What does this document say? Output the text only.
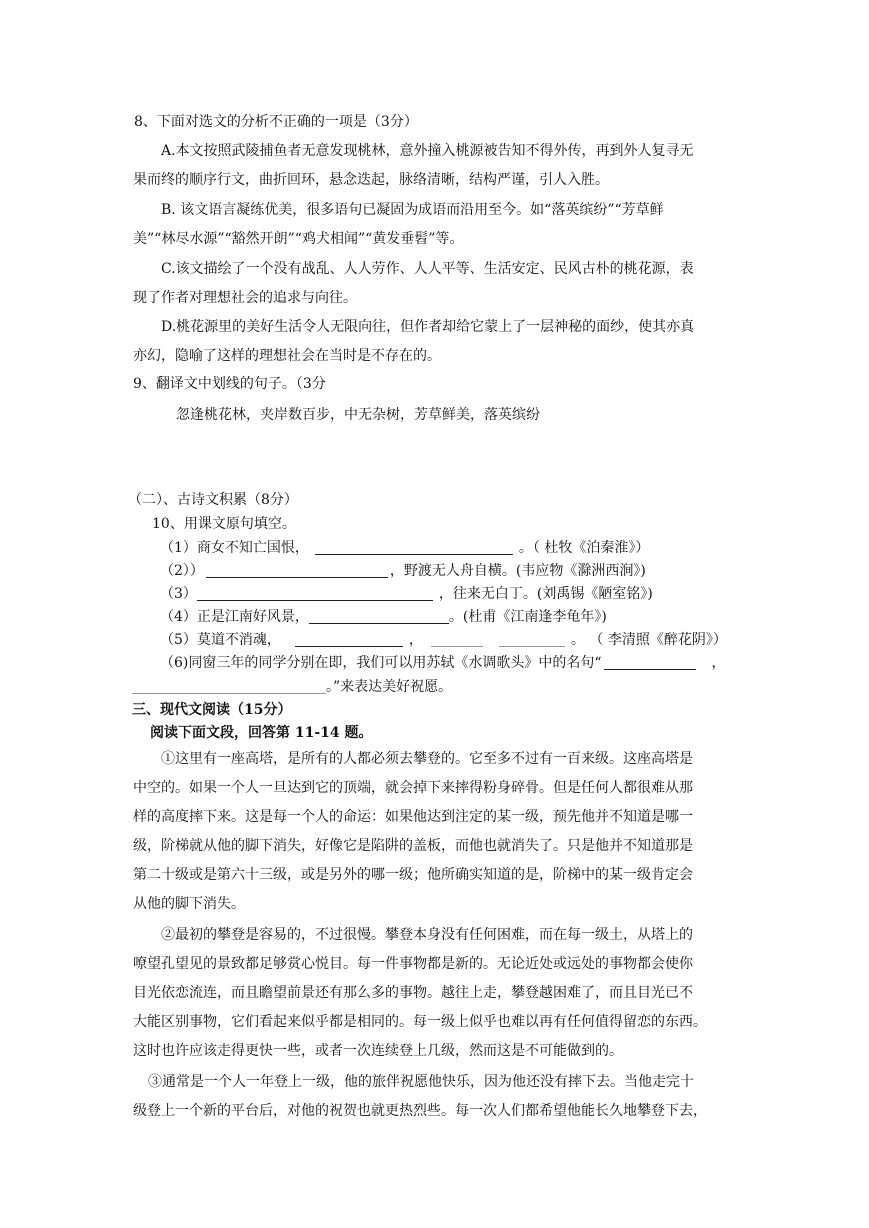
8、下面对选文的分析不正确的一项是（3分）
A.本文按照武陵捕鱼者无意发现桃林，意外撞入桃源被告知不得外传，再到外人复寻无
果而终的顺序行文，曲折回环，悬念迭起，脉络清晰，结构严谨，引人入胜。
B. 该文语言凝练优美，很多语句已凝固为成语而沿用至今。如“落英缤纷”“芳草鲜
美”“林尽水源”“豁然开朗”“鸡犬相闻”“黄发垂髫”等。
C.该文描绘了一个没有战乱、人人劳作、人人平等、生活安定、民风古朴的桃花源，表
现了作者对理想社会的追求与向往。
D.桃花源里的美好生活令人无限向往，但作者却给它蒙上了一层神秘的面纱，使其亦真
亦幻，隐喻了这样的理想社会在当时是不存在的。
9、翻译文中划线的句子。（3分
忽逢桃花林，夹岸数百步，中无杂树，芳草鲜美，落英缤纷
（二）、古诗文积累（8分）
10、用课文原句填空。
（1）商女不知亡国恨，	。（ 杜牧《泊秦淮》）
（2））	，野渡无人舟自横。(韦应物《滁洲西涧》)
（3）	，往来无白丁。(刘禹锡《陋室铭》)
（4）正是江南好风景，	。(杜甫《江南逢李龟年》)
（5）莫道不消魂，	，	。 （ 李清照《醉花阴》）
（6)同窗三年的同学分别在即，我们可以用苏轼《水调歌头》中的名句“	，
。”来表达美好祝愿。
三、现代文阅读（15分）
阅读下面文段，回答第 11-14 题。
①这里有一座高塔，是所有的人都必须去攀登的。它至多不过有一百来级。这座高塔是
中空的。如果一个人一旦达到它的顶端，就会掉下来摔得粉身碎骨。但是任何人都很难从那
样的高度摔下来。这是每一个人的命运：如果他达到注定的某一级，预先他并不知道是哪一
级，阶梯就从他的脚下消失，好像它是陷阱的盖板，而他也就消失了。只是他并不知道那是
第二十级或是第六十三级，或是另外的哪一级；他所确实知道的是，阶梯中的某一级肯定会
从他的脚下消失。
②最初的攀登是容易的，不过很慢。攀登本身没有任何困难，而在每一级土，从塔上的
嘹望孔望见的景致都足够赏心悦目。每一件事物都是新的。无论近处或远处的事物都会使你
目光依恋流连，而且瞻望前景还有那么多的事物。越往上走，攀登越困难了，而且目光已不
大能区别事物，它们看起来似乎都是相同的。每一级上似乎也难以再有任何值得留恋的东西。
这时也许应该走得更快一些，或者一次连续登上几级，然而这是不可能做到的。
③通常是一个人一年登上一级，他的旅伴祝愿他快乐，因为他还没有摔下去。当他走完十
级登上一个新的平台后，对他的祝贺也就更热烈些。每一次人们都希望他能长久地攀登下去，
